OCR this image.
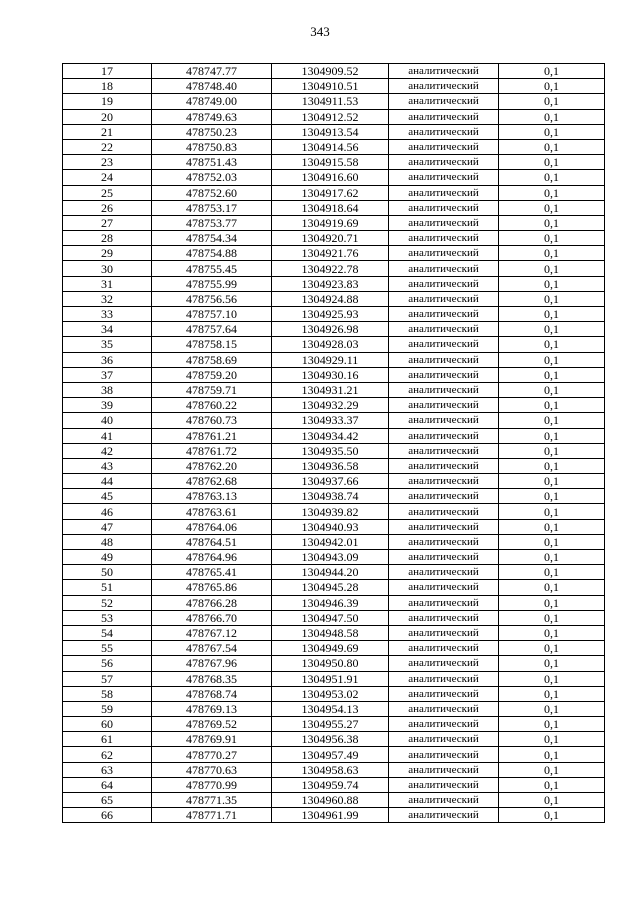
343
17	478747.77	1304909.52	аналитический	0,1
18	478748.40	1304910.51	аналитический	0,1
19	478749.00	1304911.53	аналитический	0,1
20	478749.63	1304912.52	аналитический	0,1
21	478750.23	1304913.54	аналитический	0,1
22	478750.83	1304914.56	аналитический	0,1
23	478751.43	1304915.58	аналитический	0,1
24	478752.03	1304916.60	аналитический	0,1
25	478752.60	1304917.62	аналитический	0,1
26	478753.17	1304918.64	аналитический	0,1
27	478753.77	1304919.69	аналитический	0,1
28	478754.34	1304920.71	аналитический	0,1
29	478754.88	1304921.76	аналитический	0,1
30	478755.45	1304922.78	аналитический	0,1
31	478755.99	1304923.83	аналитический	0,1
32	478756.56	1304924.88	аналитический	0,1
33	478757.10	1304925.93	аналитический	0,1
34	478757.64	1304926.98	аналитический	0,1
35	478758.15	1304928.03	аналитический	0,1
36	478758.69	1304929.11	аналитический	0,1
37	478759.20	1304930.16	аналитический	0,1
38	478759.71	1304931.21	аналитический	0,1
39	478760.22	1304932.29	аналитический	0,1
40	478760.73	1304933.37	аналитический	0,1
41	478761.21	1304934.42	аналитический	0,1
42	478761.72	1304935.50	аналитический	0,1
43	478762.20	1304936.58	аналитический	0,1
44	478762.68	1304937.66	аналитический	0,1
45	478763.13	1304938.74	аналитический	0,1
46	478763.61	1304939.82	аналитический	0,1
47	478764.06	1304940.93	аналитический	0,1
48	478764.51	1304942.01	аналитический	0,1
49	478764.96	1304943.09	аналитический	0,1
50	478765.41	1304944.20	аналитический	0,1
51	478765.86	1304945.28	аналитический	0,1
52	478766.28	1304946.39	аналитический	0,1
53	478766.70	1304947.50	аналитический	0,1
54	478767.12	1304948.58	аналитический	0,1
55	478767.54	1304949.69	аналитический	0,1
56	478767.96	1304950.80	аналитический	0,1
57	478768.35	1304951.91	аналитический	0,1
58	478768.74	1304953.02	аналитический	0,1
59	478769.13	1304954.13	аналитический	0,1
60	478769.52	1304955.27	аналитический	0,1
61	478769.91	1304956.38	аналитический	0,1
62	478770.27	1304957.49	аналитический	0,1
63	478770.63	1304958.63	аналитический	0,1
64	478770.99	1304959.74	аналитический	0,1
65	478771.35	1304960.88	аналитический	0,1
66	478771.71	1304961.99	аналитический	0,1
